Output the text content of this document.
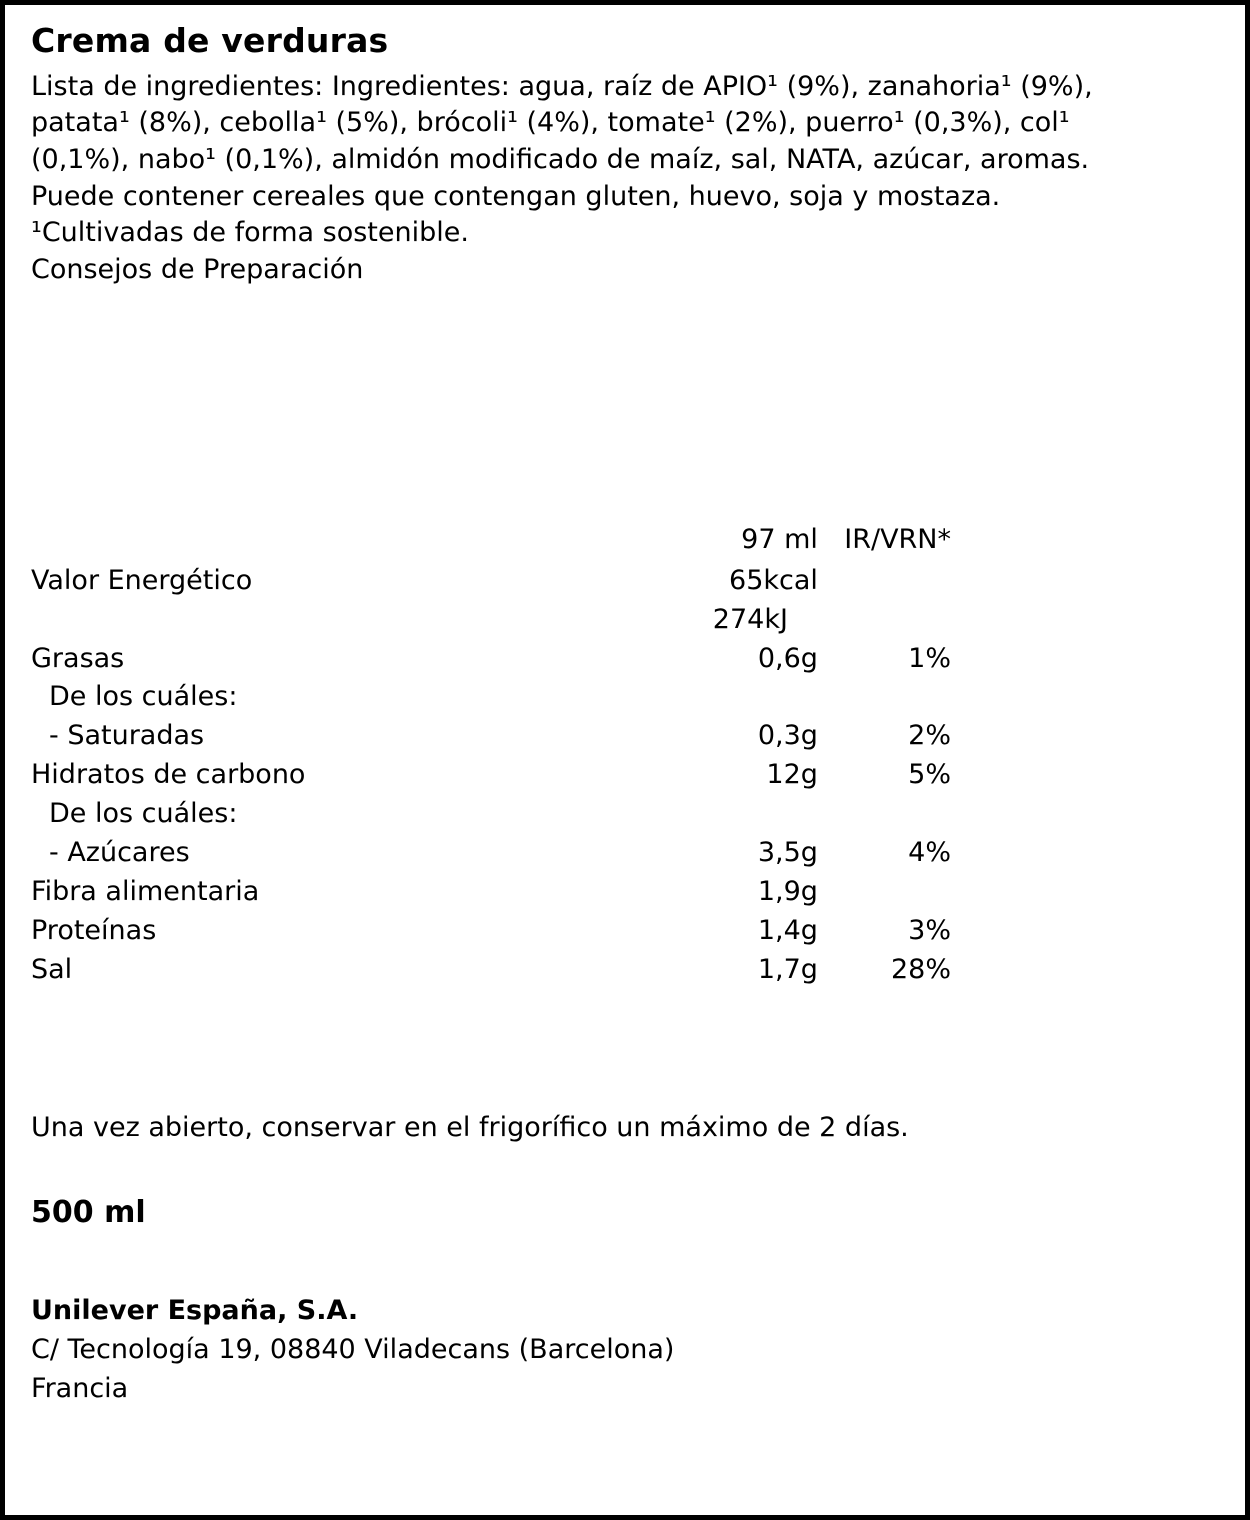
Crema de verduras

Lista de ingredientes: Ingredientes: agua, raíz de APIO¹ (9%), zanahoria¹ (9%),

patata¹ (8%), cebolla¹ (5%), brócoli¹ (4%), tomate¹ (2%), puerro¹ (0,3%), col¹

(0,1%), nabo¹ (0,1%), almidón modificado de maíz, sal, NATA, azúcar, aromas.

Puede contener cereales que contengan gluten, huevo, soja y mostaza.

¹Cultivadas de forma sostenible.

Consejos de Preparación

	97 ml	IR/VRN*
Valor Energético	65kcal	
	274kJ	
Grasas	0,6g	1%
De los cuáles:		
- Saturadas	0,3g	2%
Hidratos de carbono	12g	5%
De los cuáles:		
- Azúcares	3,5g	4%
Fibra alimentaria	1,9g	
Proteínas	1,4g	3%
Sal	1,7g	28%
Una vez abierto, conservar en el frigorífico un máximo de 2 días.
500 ml
Unilever España, S.A.
C/ Tecnología 19, 08840 Viladecans (Barcelona)
Francia
